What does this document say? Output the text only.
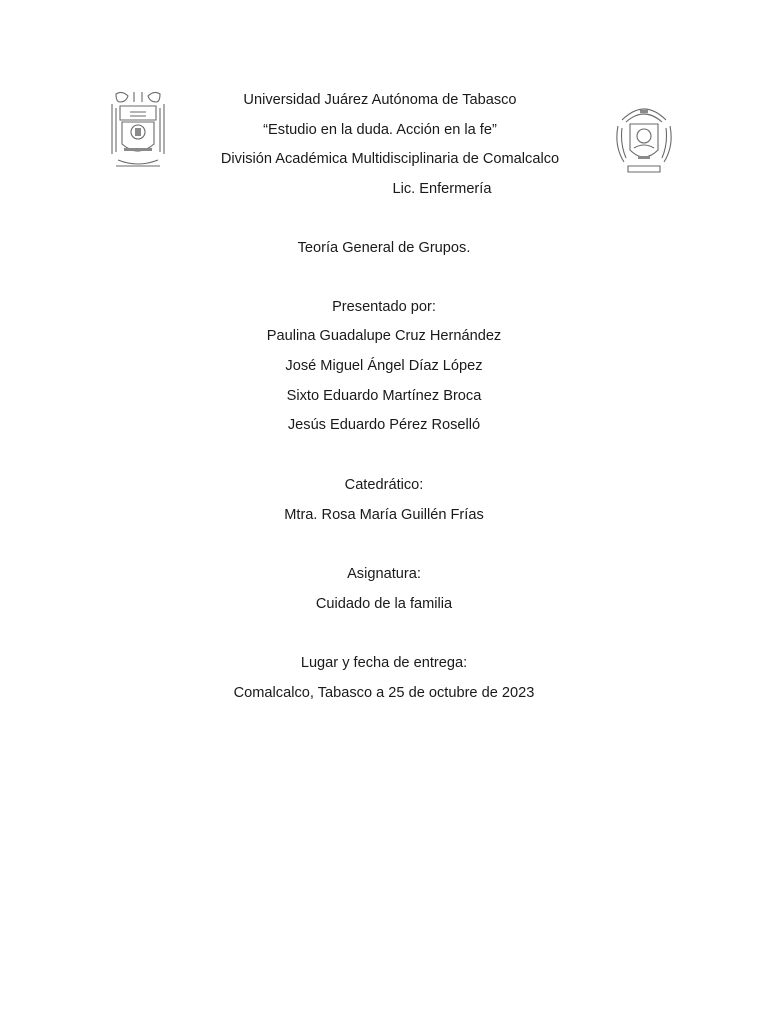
Universidad Juárez Autónoma de Tabasco
“Estudio en la duda. Acción en la fe”
División Académica Multidisciplinaria de Comalcalco
Lic. Enfermería
Teoría General de Grupos.
Presentado por:
Paulina Guadalupe Cruz Hernández
José Miguel Ángel Díaz López
Sixto Eduardo Martínez Broca
Jesús Eduardo Pérez Roselló
Catedrático:
Mtra. Rosa María Guillén Frías
Asignatura:
Cuidado de la familia
Lugar y fecha de entrega:
Comalcalco, Tabasco a 25 de octubre de 2023
